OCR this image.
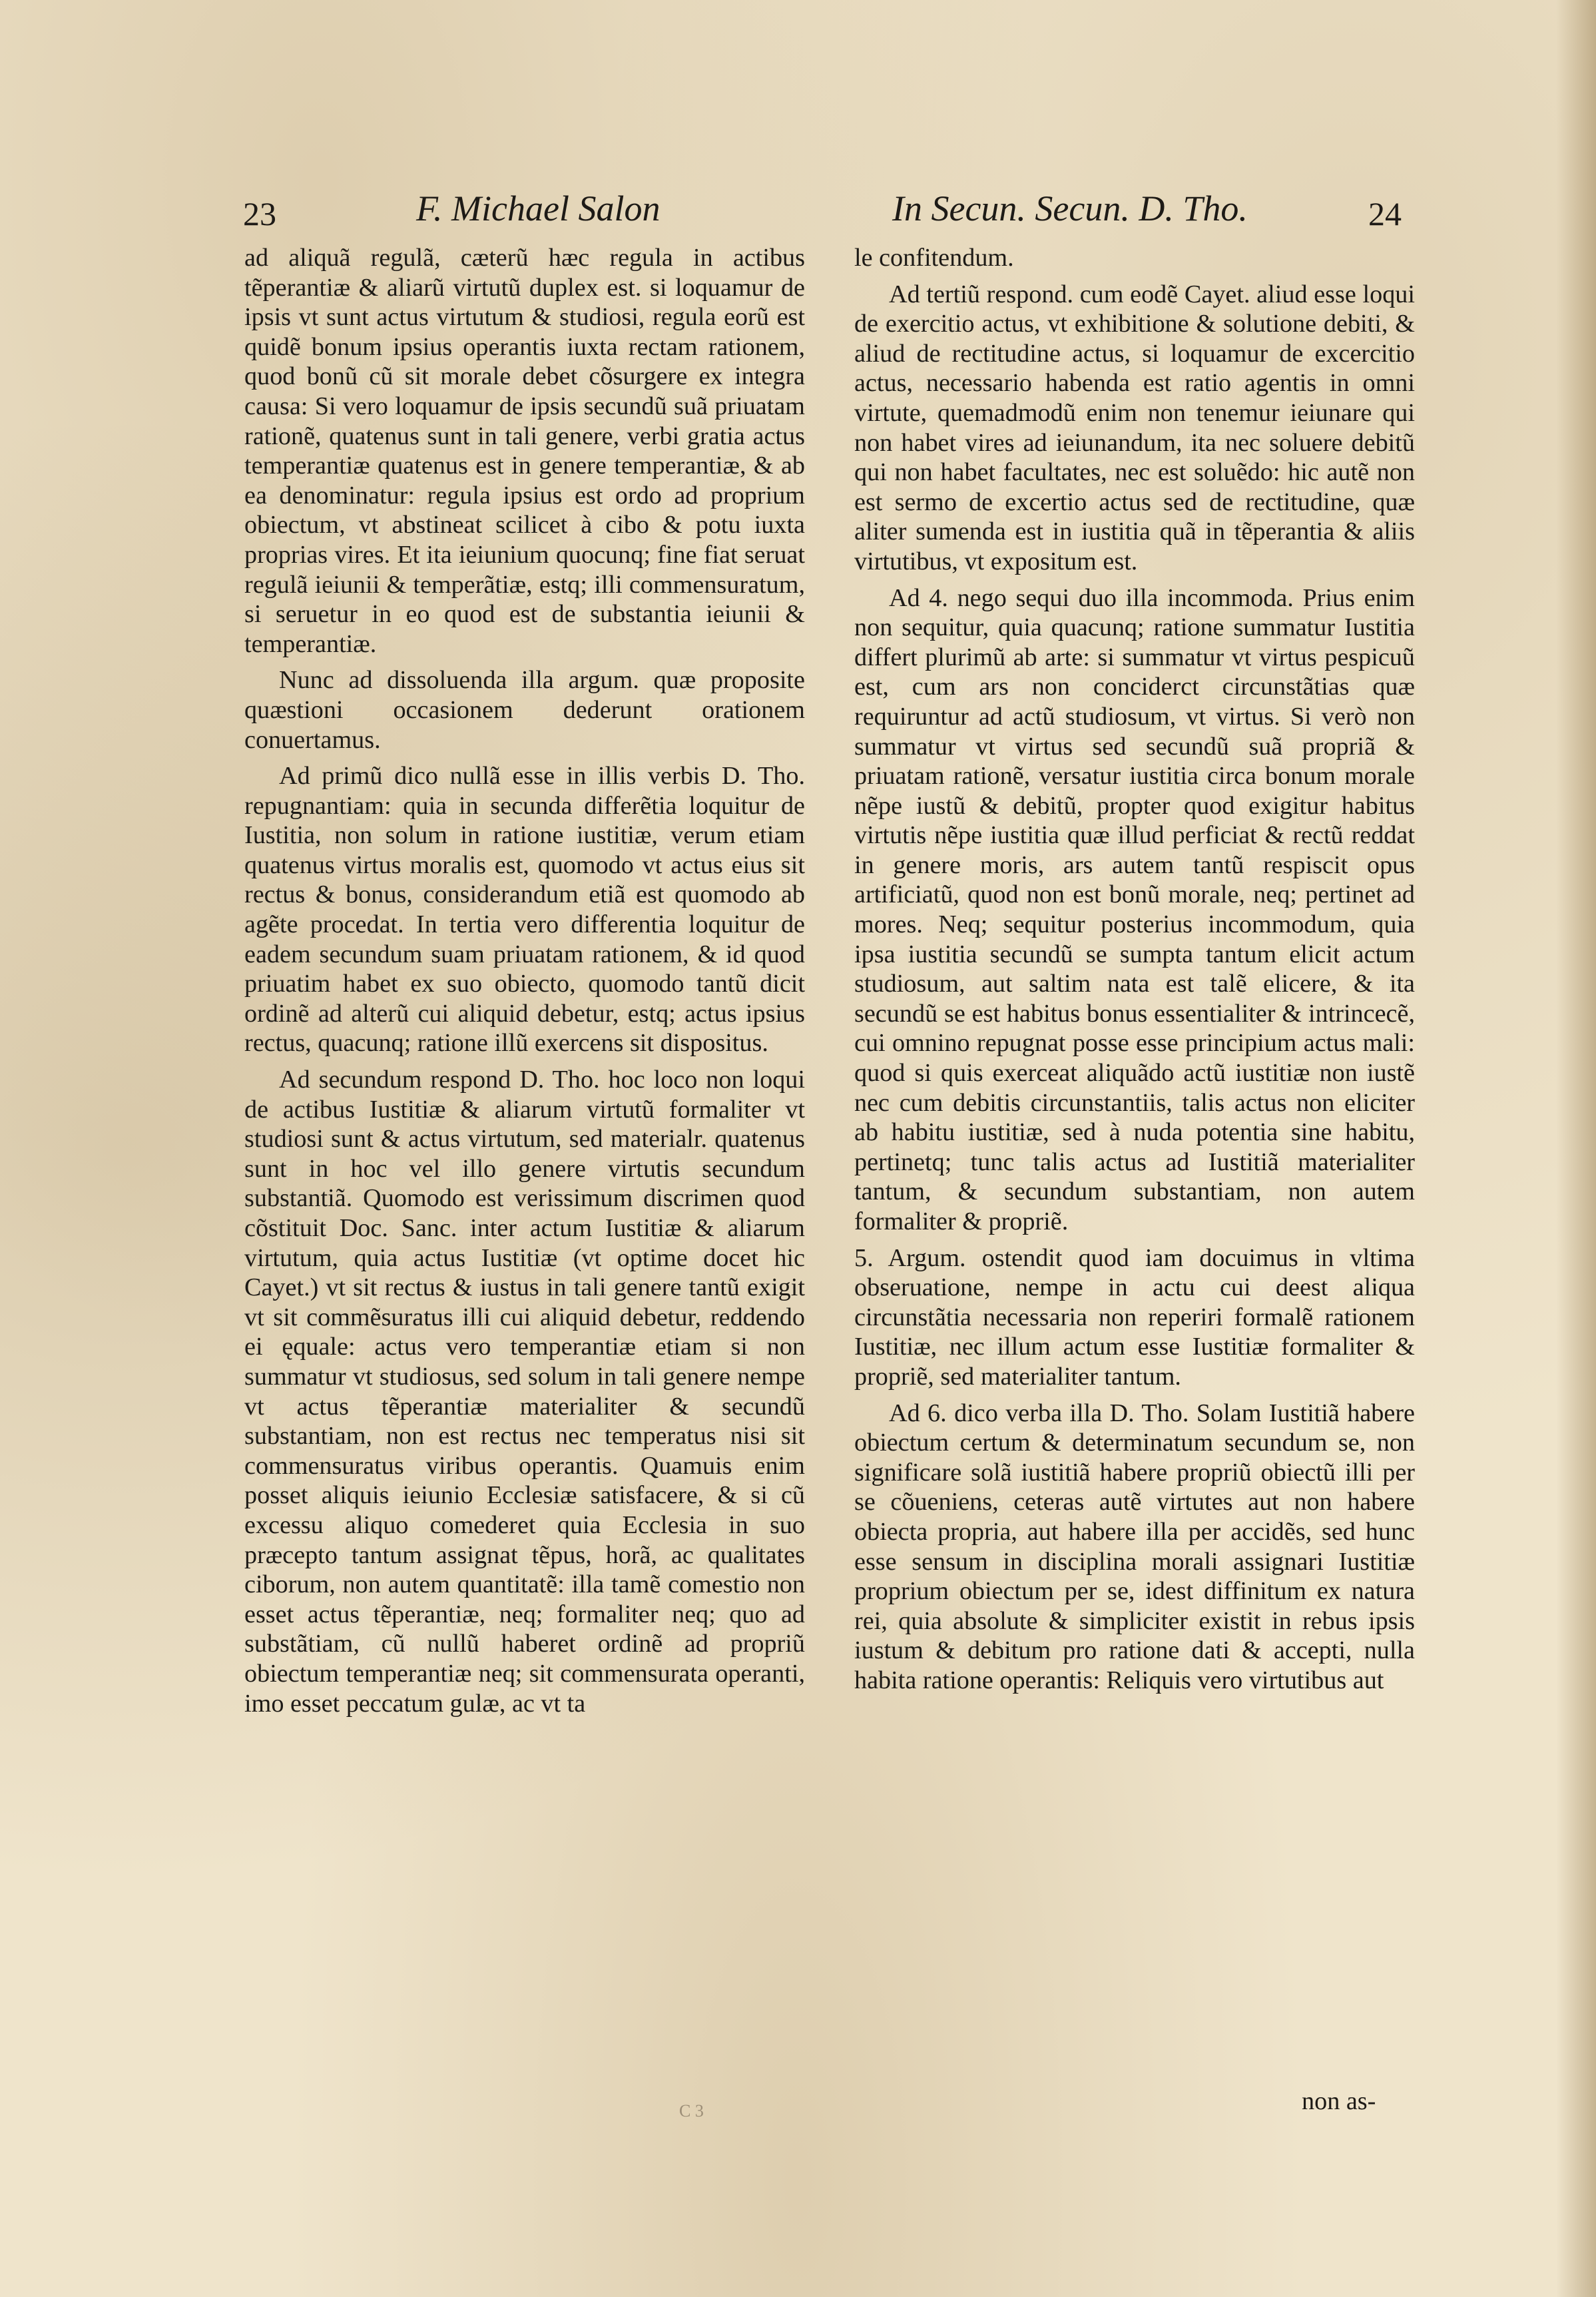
23	F. Michael Salon	In Secun. Secun. D. Tho.	24

ad aliquã regulã, cæterũ hæc regula in actibus tẽperantiæ & aliarũ virtutũ duplex est. si loquamur de ipsis vt sunt actus virtutum & studiosi, regula eorũ est quidẽ bonum ipsius operantis iuxta rectam rationem, quod bonũ cũ sit morale debet cõsurgere ex integra causa: Si vero loquamur de ipsis secundũ suã priuatam rationẽ, quatenus sunt in tali genere, verbi gratia actus temperantiæ quatenus est in genere temperantiæ, & ab ea denominatur: regula ipsius est ordo ad proprium obiectum, vt abstineat scilicet à cibo & potu iuxta proprias vires. Et ita ieiunium quocunq; fine fiat seruat regulã ieiunii & temperãtiæ, estq; illi commensuratum, si seruetur in eo quod est de substantia ieiunii & temperantiæ.

Nunc ad dissoluenda illa argum. quæ proposite quæstioni occasionem dederunt orationem conuertamus.

Ad primũ dico nullã esse in illis verbis D. Tho. repugnantiam: quia in secunda differẽtia loquitur de Iustitia, non solum in ratione iustitiæ, verum etiam quatenus virtus moralis est, quomodo vt actus eius sit rectus & bonus, considerandum etiã est quomodo ab agẽte procedat. In tertia vero differentia loquitur de eadem secundum suam priuatam rationem, & id quod priuatim habet ex suo obiecto, quomodo tantũ dicit ordinẽ ad alterũ cui aliquid debetur, estq; actus ipsius rectus, quacunq; ratione illũ exercens sit dispositus.

Ad secundum respond D. Tho. hoc loco non loqui de actibus Iustitiæ & aliarum virtutũ formaliter vt studiosi sunt & actus virtutum, sed materialr. quatenus sunt in hoc vel illo genere virtutis secundum substantiã. Quomodo est verissimum discrimen quod cõstituit Doc. Sanc. inter actum Iustitiæ & aliarum virtutum, quia actus Iustitiæ (vt optime docet hic Cayet.) vt sit rectus & iustus in tali genere tantũ exigit vt sit commẽsuratus illi cui aliquid debetur, reddendo ei ęquale: actus vero temperantiæ etiam si non summatur vt studiosus, sed solum in tali genere nempe vt actus tẽperantiæ materialiter & secundũ substantiam, non est rectus nec temperatus nisi sit commensuratus viribus operantis. Quamuis enim posset aliquis ieiunio Ecclesiæ satisfacere, & si cũ excessu aliquo comederet quia Ecclesia in suo præcepto tantum assignat tẽpus, horã, ac qualitates ciborum, non autem quantitatẽ: illa tamẽ comestio non esset actus tẽperantiæ, neq; formaliter neq; quo ad substãtiam, cũ nullũ haberet ordinẽ ad propriũ obiectum temperantiæ neq; sit commensurata operanti, imo esset peccatum gulæ, ac vt ta

le confitendum.

Ad tertiũ respond. cum eodẽ Cayet. aliud esse loqui de exercitio actus, vt exhibitione & solutione debiti, & aliud de rectitudine actus, si loquamur de excercitio actus, necessario habenda est ratio agentis in omni virtute, quemadmodũ enim non tenemur ieiunare qui non habet vires ad ieiunandum, ita nec soluere debitũ qui non habet facultates, nec est soluẽdo: hic autẽ non est sermo de excertio actus sed de rectitudine, quæ aliter sumenda est in iustitia quã in tẽperantia & aliis virtutibus, vt expositum est.

Ad 4. nego sequi duo illa incommoda. Prius enim non sequitur, quia quacunq; ratione summatur Iustitia differt plurimũ ab arte: si summatur vt virtus pespicuũ est, cum ars non conciderct circunstãtias quæ requiruntur ad actũ studiosum, vt virtus. Si verò non summatur vt virtus sed secundũ suã propriã & priuatam rationẽ, versatur iustitia circa bonum morale nẽpe iustũ & debitũ, propter quod exigitur habitus virtutis nẽpe iustitia quæ illud perficiat & rectũ reddat in genere moris, ars autem tantũ respiscit opus artificiatũ, quod non est bonũ morale, neq; pertinet ad mores. Neq; sequitur posterius incommodum, quia ipsa iustitia secundũ se sumpta tantum elicit actum studiosum, aut saltim nata est talẽ elicere, & ita secundũ se est habitus bonus essentialiter & intrincecẽ, cui omnino repugnat posse esse principium actus mali: quod si quis exerceat aliquãdo actũ iustitiæ non iustẽ nec cum debitis circunstantiis, talis actus non eliciter ab habitu iustitiæ, sed à nuda potentia sine habitu, pertinetq; tunc talis actus ad Iustitiã materialiter tantum, & secundum substantiam, non autem formaliter & propriẽ.

5. Argum. ostendit quod iam docuimus in vltima obseruatione, nempe in actu cui deest aliqua circunstãtia necessaria non reperiri formalẽ rationem Iustitiæ, nec illum actum esse Iustitiæ formaliter & propriẽ, sed materialiter tantum.

Ad 6. dico verba illa D. Tho. Solam Iustitiã habere obiectum certum & determinatum secundum se, non significare solã iustitiã habere propriũ obiectũ illi per se cõueniens, ceteras autẽ virtutes aut non habere obiecta propria, aut habere illa per accidẽs, sed hunc esse sensum in disciplina morali assignari Iustitiæ proprium obiectum per se, idest diffinitum ex natura rei, quia absolute & simpliciter existit in rebus ipsis iustum & debitum pro ratione dati & accepti, nulla habita ratione operantis: Reliquis vero virtutibus aut

non as-
C 3
